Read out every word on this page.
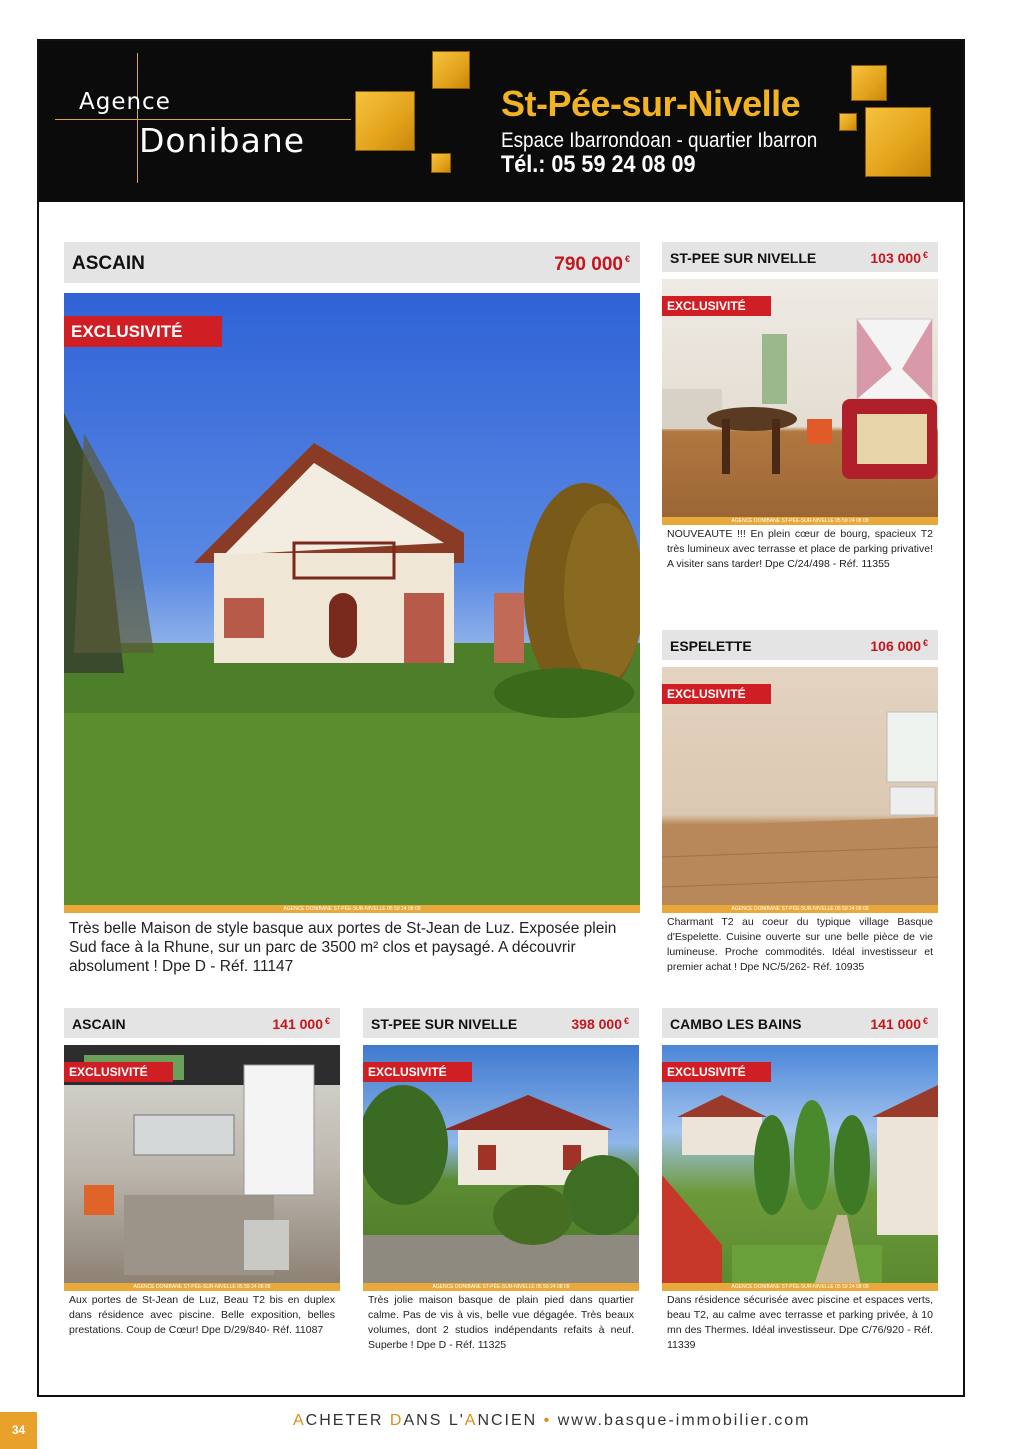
Agence
Donibane
St-Pée-sur-Nivelle
Espace Ibarrondoan - quartier Ibarron
Tél.: 05 59 24 08 09
ASCAIN	790 000 €
EXCLUSIVITÉ
AGENCE DONIBANE ST-PÉE-SUR-NIVELLE 05 59 24 08 09
Très belle Maison de style basque aux portes de St-Jean de Luz. Exposée plein Sud face à la Rhune, sur un parc de 3500 m² clos et paysagé. A découvrir absolument ! Dpe D - Réf. 11147
ST-PEE SUR NIVELLE	103 000 €
EXCLUSIVITÉ
AGENCE DONIBANE ST-PÉE-SUR-NIVELLE 05 59 24 08 09
NOUVEAUTE !!! En plein cœur de bourg, spacieux T2 très lumineux avec terrasse et place de parking privative! A visiter sans tarder! Dpe C/24/498 - Réf. 11355
ESPELETTE	106 000 €
EXCLUSIVITÉ
AGENCE DONIBANE ST-PÉE-SUR-NIVELLE 05 59 24 08 09
Charmant T2 au coeur du typique village Basque d'Espelette. Cuisine ouverte sur une belle pièce de vie lumineuse. Proche commodités. Idéal investisseur et premier achat ! Dpe NC/5/262- Réf. 10935
ASCAIN	141 000 €
EXCLUSIVITÉ
AGENCE DONIBANE ST-PÉE-SUR-NIVELLE 05 59 24 08 09
Aux portes de St-Jean de Luz, Beau T2 bis en duplex dans résidence avec piscine. Belle exposition, belles prestations. Coup de Cœur! Dpe D/29/840- Réf. 11087
ST-PEE SUR NIVELLE	398 000 €
EXCLUSIVITÉ
AGENCE DONIBANE ST-PÉE-SUR-NIVELLE 05 59 24 08 09
Très jolie maison basque de plain pied dans quartier calme. Pas de vis à vis, belle vue dégagée. Très beaux volumes, dont 2 studios indépendants refaits à neuf. Superbe ! Dpe D - Réf. 11325
CAMBO LES BAINS	141 000 €
EXCLUSIVITÉ
AGENCE DONIBANE ST-PÉE-SUR-NIVELLE 05 59 24 08 09
Dans résidence sécurisée avec piscine et espaces verts, beau T2, au calme avec terrasse et parking privée, à 10 mn des Thermes. Idéal investisseur. Dpe C/76/920 - Réf. 11339
34
ACHETER DANS L'ANCIEN • www.basque-immobilier.com
